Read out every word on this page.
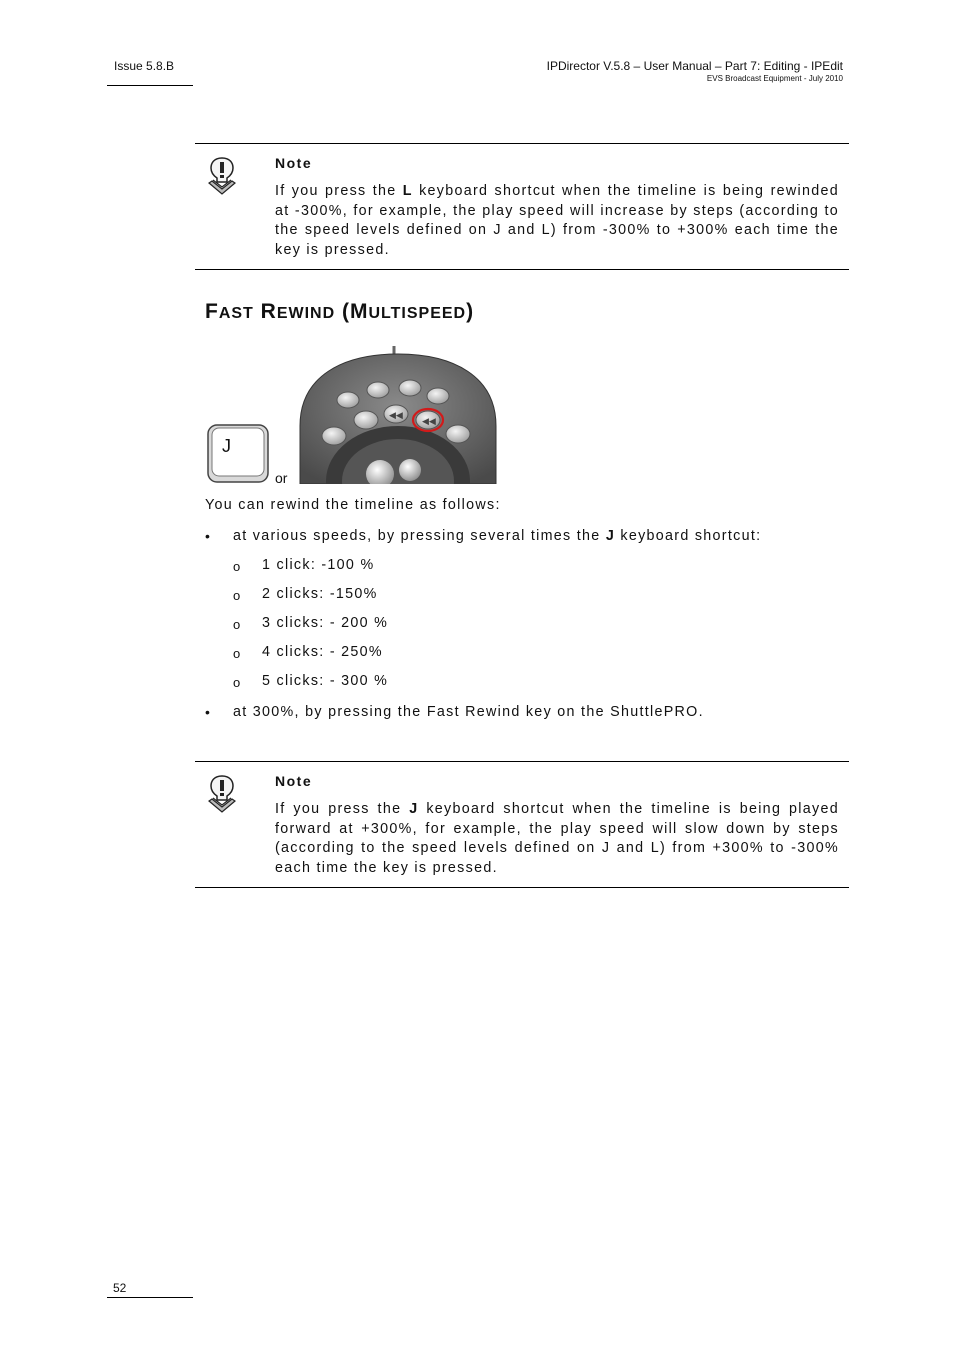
Issue 5.8.B	IPDirector V.5.8 – User Manual – Part 7: Editing - IPEdit
EVS Broadcast Equipment - July 2010
Note
If you press the L keyboard shortcut when the timeline is being rewinded at -300%, for example, the play speed will increase by steps (according to the speed levels defined on J and L) from -300% to +300% each time the key is pressed.
FAST REWIND (MULTISPEED)
J
or
◀◀
◀◀
You can rewind the timeline as follows:
• at various speeds, by pressing several times the J keyboard shortcut:
o 1 click: -100 %
o 2 clicks: -150%
o 3 clicks: - 200 %
o 4 clicks: - 250%
o 5 clicks: - 300 %
• at 300%, by pressing the Fast Rewind key on the ShuttlePRO.
Note
If you press the J keyboard shortcut when the timeline is being played forward at +300%, for example, the play speed will slow down by steps (according to the speed levels defined on J and L) from +300% to -300% each time the key is pressed.
52
